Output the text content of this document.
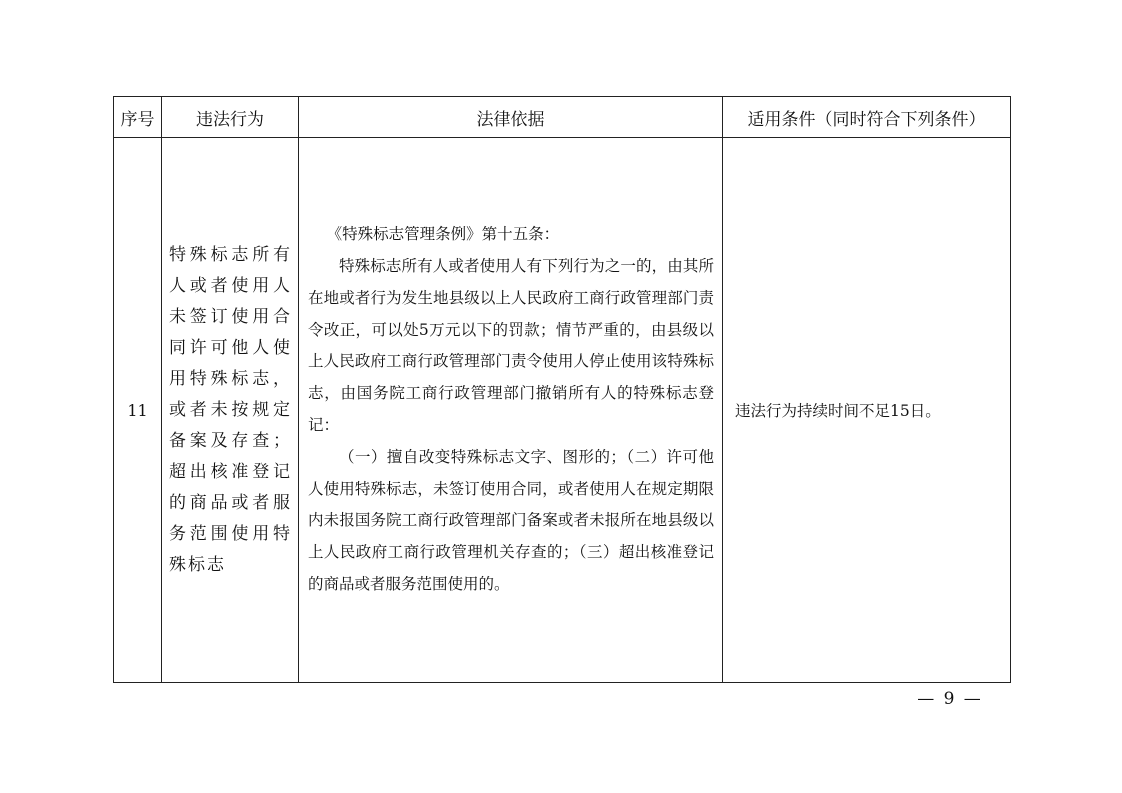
序号	违法行为	法律依据	适用条件（同时符合下列条件）
11	特殊标志所有人或者使用人未签订使用合同许可他人使用特殊标志，或者未按规定备案及存查；超出核准登记的商品或者服务范围使用特殊标志	《特殊标志管理条例》第十五条：

特殊标志所有人或者使用人有下列行为之一的，由其所在地或者行为发生地县级以上人民政府工商行政管理部门责令改正，可以处5万元以下的罚款；情节严重的，由县级以上人民政府工商行政管理部门责令使用人停止使用该特殊标志，由国务院工商行政管理部门撤销所有人的特殊标志登记：

（一）擅自改变特殊标志文字、图形的；（二）许可他人使用特殊标志，未签订使用合同，或者使用人在规定期限内未报国务院工商行政管理部门备案或者未报所在地县级以上人民政府工商行政管理机关存查的；（三）超出核准登记的商品或者服务范围使用的。	违法行为持续时间不足15日。
— 9 —
